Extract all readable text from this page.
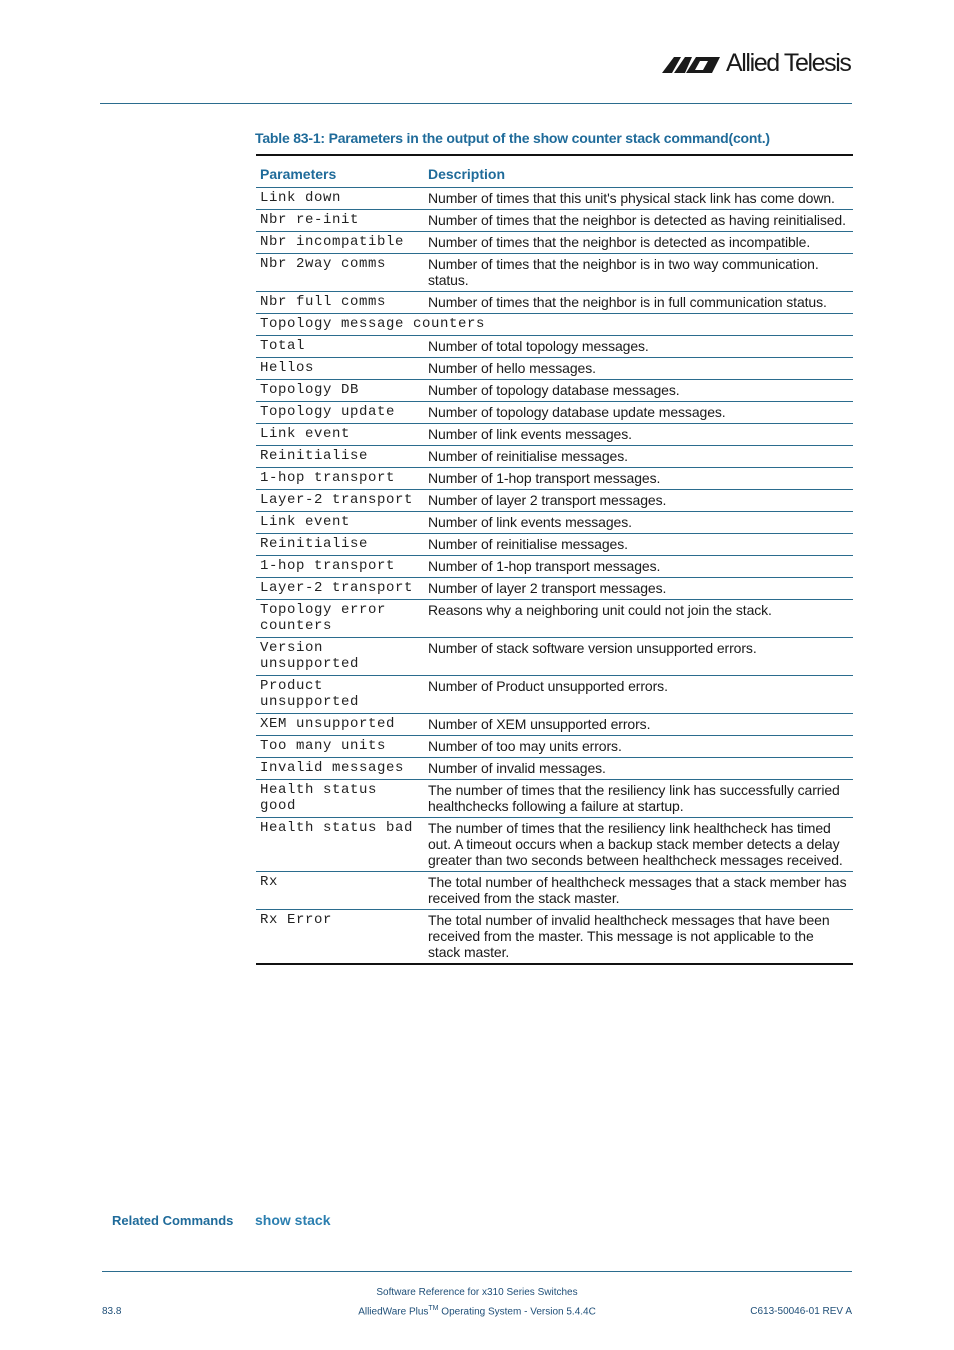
Allied Telesis
Table 83-1: Parameters in the output of the show counter stack command(cont.)
Parameters	Description
Link down	Number of times that this unit's physical stack link has come down.
Nbr re-init	Number of times that the neighbor is detected as having reinitialised.
Nbr incompatible	Number of times that the neighbor is detected as incompatible.
Nbr 2way comms	Number of times that the neighbor is in two way communication. status.
Nbr full comms	Number of times that the neighbor is in full communication status.
Topology message counters	
Total	Number of total topology messages.
Hellos	Number of hello messages.
Topology DB	Number of topology database messages.
Topology update	Number of topology database update messages.
Link event	Number of link events messages.
Reinitialise	Number of reinitialise messages.
1-hop transport	Number of 1-hop transport messages.
Layer-2 transport	Number of layer 2 transport messages.
Link event	Number of link events messages.
Reinitialise	Number of reinitialise messages.
1-hop transport	Number of 1-hop transport messages.
Layer-2 transport	Number of layer 2 transport messages.
Topology error counters	Reasons why a neighboring unit could not join the stack.
Version unsupported	Number of stack software version unsupported errors.
Product unsupported	Number of Product unsupported errors.
XEM unsupported	Number of XEM unsupported errors.
Too many units	Number of too may units errors.
Invalid messages	Number of invalid messages.
Health status good	The number of times that the resiliency link has successfully carried healthchecks following a failure at startup.
Health status bad	The number of times that the resiliency link healthcheck has timed out. A timeout occurs when a backup stack member detects a delay greater than two seconds between healthcheck messages received.
Rx	The total number of healthcheck messages that a stack member has received from the stack master.
Rx Error	The total number of invalid healthcheck messages that have been received from the master. This message is not applicable to the stack master.
Related Commands show stack
Software Reference for x310 Series Switches
AlliedWare Plus™ Operating System - Version 5.4.4C
83.8	C613-50046-01 REV A
